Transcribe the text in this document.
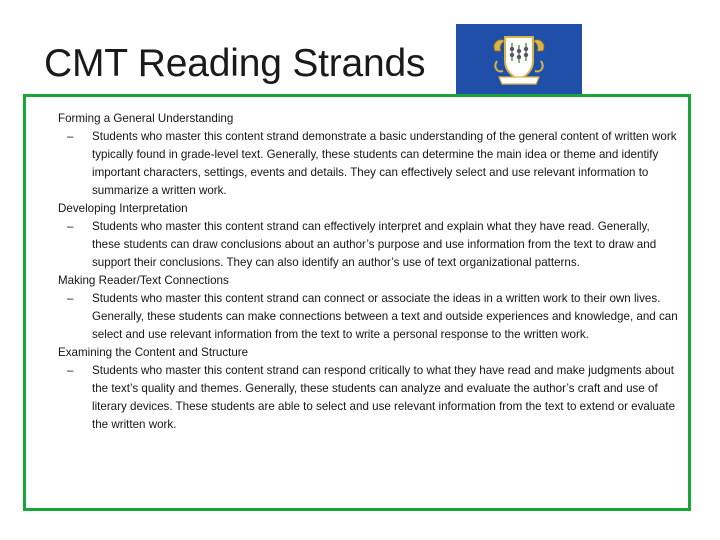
CMT Reading Strands

Forming a General Understanding

– Students who master this content strand demonstrate a basic understanding of the general content of written work typically found in grade-level text. Generally, these students can determine the main idea or theme and identify important characters, settings, events and details. They can effectively select and use relevant information to summarize a written work.

Developing Interpretation

– Students who master this content strand can effectively interpret and explain what they have read. Generally, these students can draw conclusions about an author’s purpose and use information from the text to draw and support their conclusions. They can also identify an author’s use of text organizational patterns.

Making Reader/Text Connections

– Students who master this content strand can connect or associate the ideas in a written work to their own lives. Generally, these students can make connections between a text and outside experiences and knowledge, and can select and use relevant information from the text to write a personal response to the written work.

Examining the Content and Structure

– Students who master this content strand can respond critically to what they have read and make judgments about the text’s quality and themes. Generally, these students can analyze and evaluate the author’s craft and use of literary devices. These students are able to select and use relevant information from the text to extend or evaluate the written work.
